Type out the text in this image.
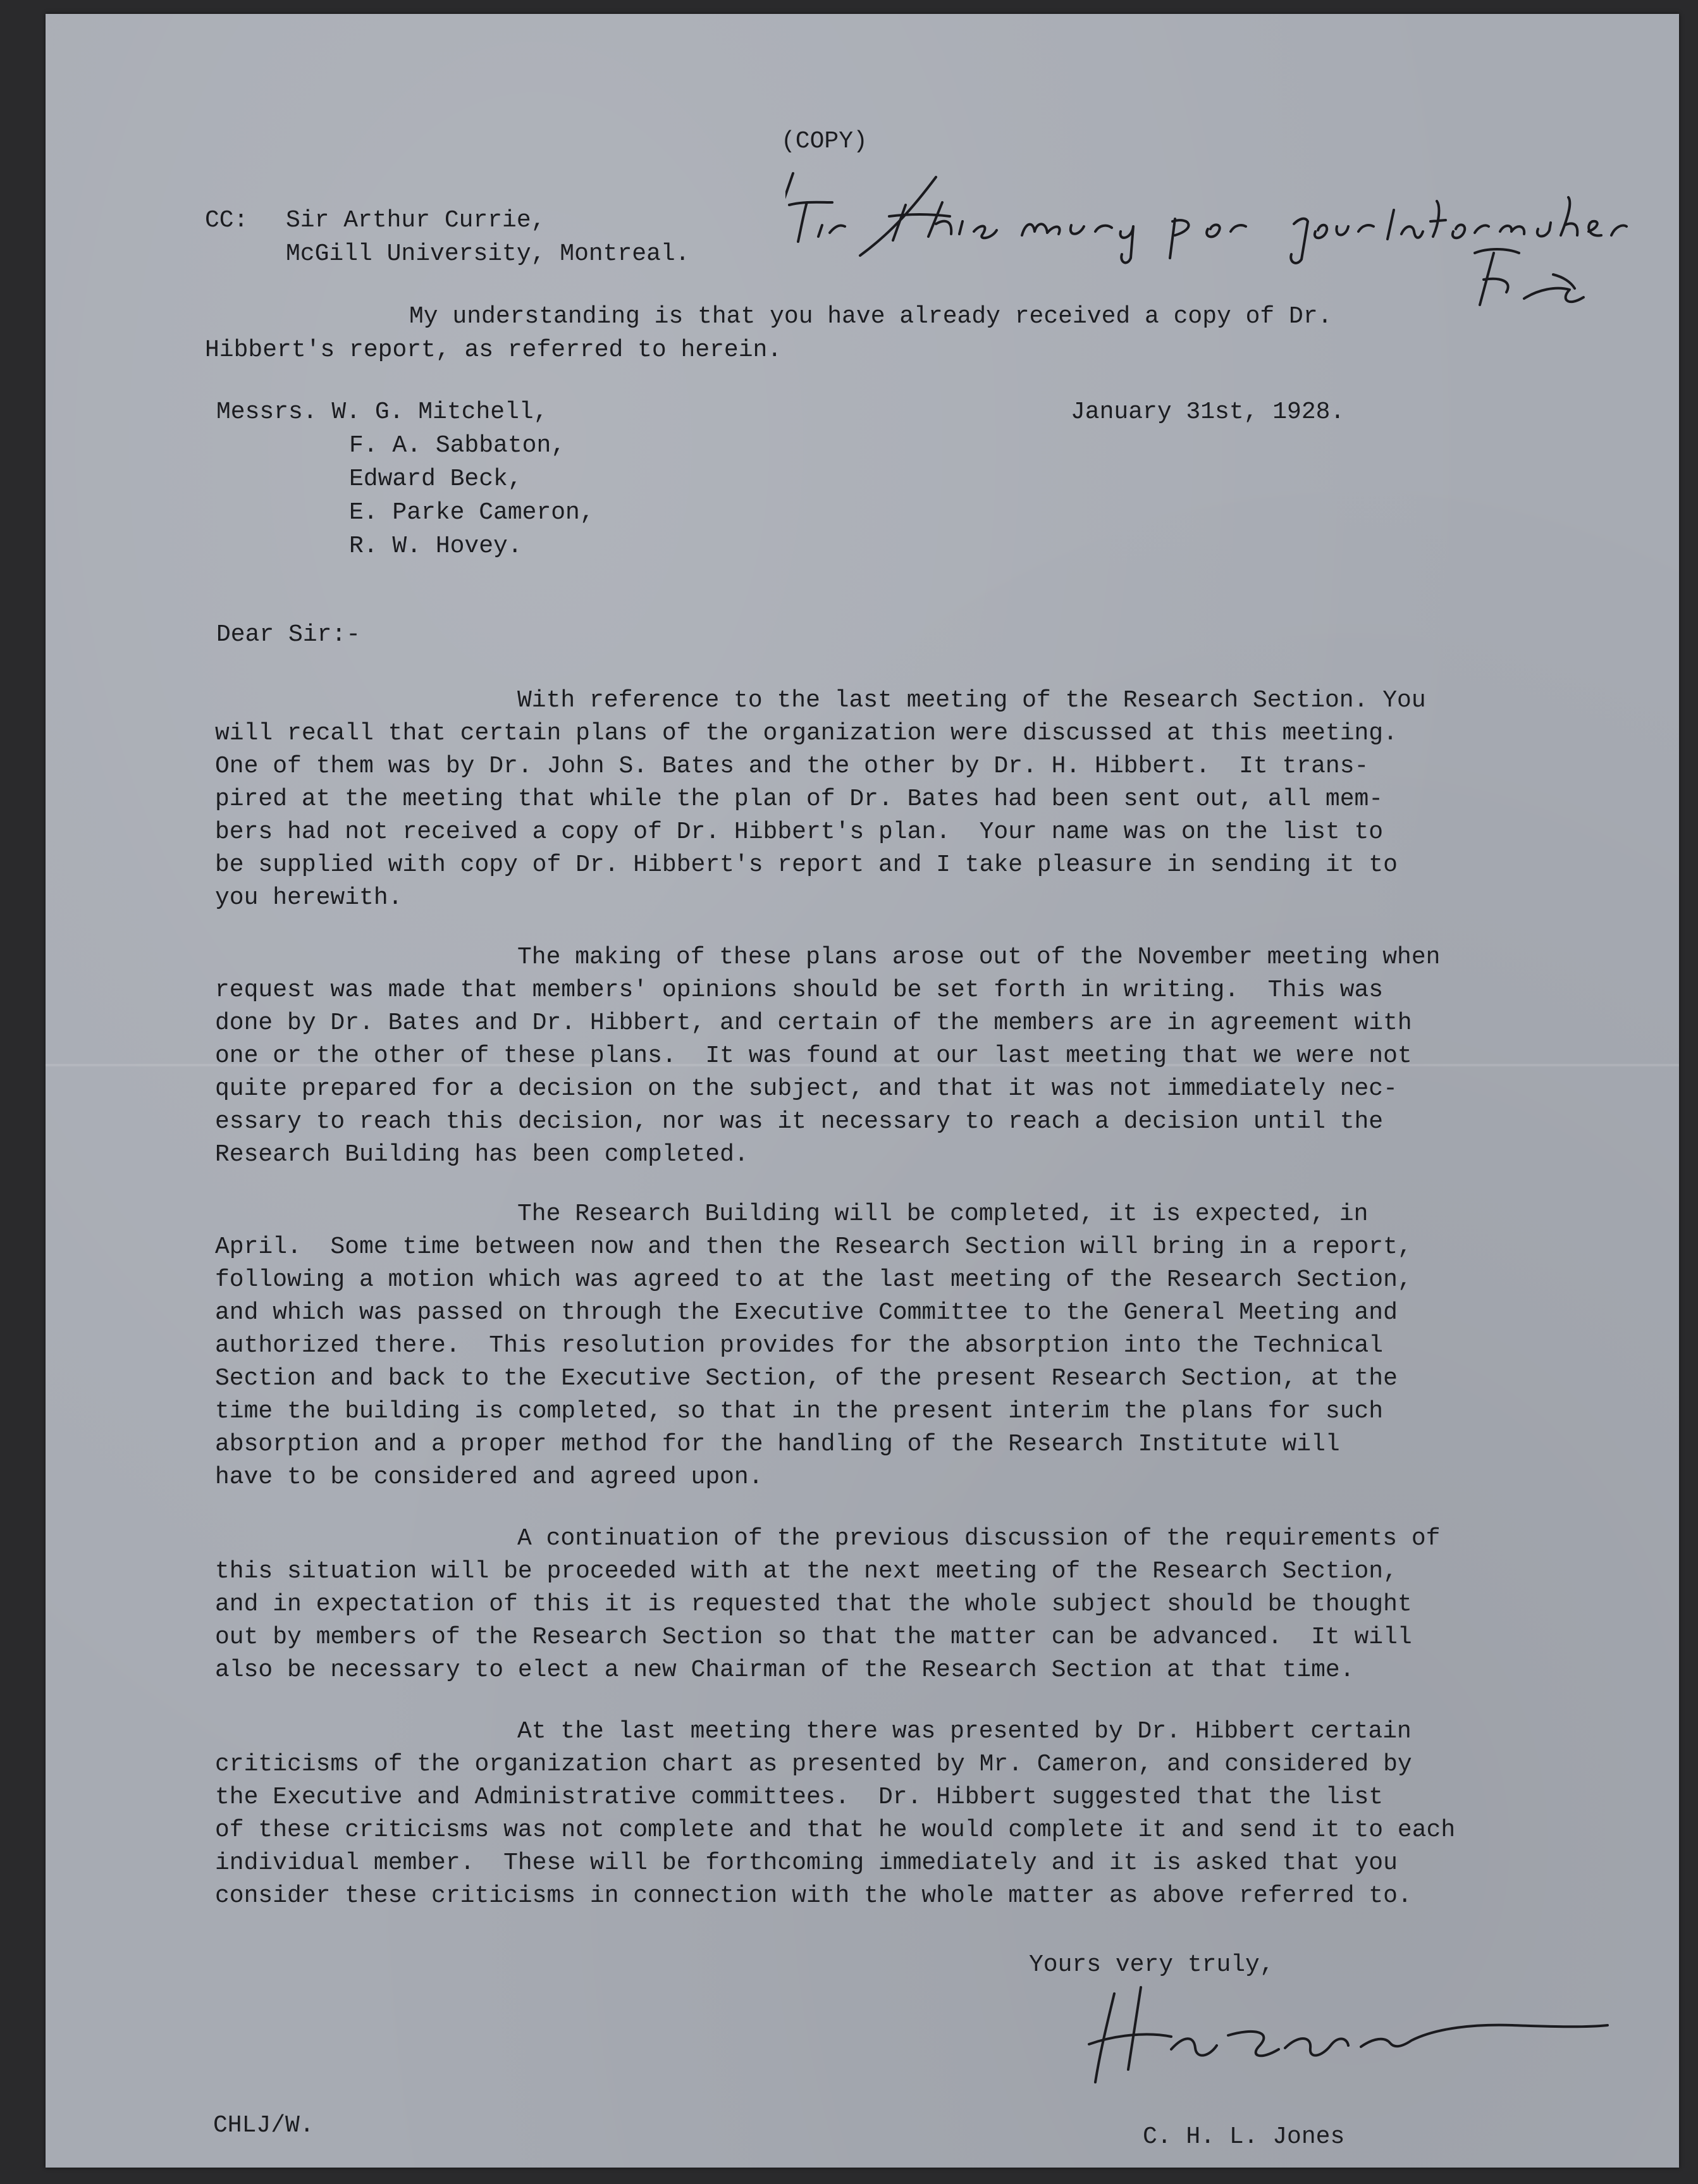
(COPY)
CC: Sir Arthur Currie,
McGill University, Montreal.
My understanding is that you have already received a copy of Dr.
Hibbert's report, as referred to herein.
Messrs. W. G. Mitchell,
F. A. Sabbaton,
Edward Beck,
E. Parke Cameron,
R. W. Hovey.
January 31st, 1928.
Dear Sir:-
With reference to the last meeting of the Research Section. You
will recall that certain plans of the organization were discussed at this meeting.
One of them was by Dr. John S. Bates and the other by Dr. H. Hibbert.  It trans-
pired at the meeting that while the plan of Dr. Bates had been sent out, all mem-
bers had not received a copy of Dr. Hibbert's plan.  Your name was on the list to
be supplied with copy of Dr. Hibbert's report and I take pleasure in sending it to
you herewith.
The making of these plans arose out of the November meeting when
request was made that members' opinions should be set forth in writing.  This was
done by Dr. Bates and Dr. Hibbert, and certain of the members are in agreement with
one or the other of these plans.  It was found at our last meeting that we were not
quite prepared for a decision on the subject, and that it was not immediately nec-
essary to reach this decision, nor was it necessary to reach a decision until the
Research Building has been completed.
The Research Building will be completed, it is expected, in
April.  Some time between now and then the Research Section will bring in a report,
following a motion which was agreed to at the last meeting of the Research Section,
and which was passed on through the Executive Committee to the General Meeting and
authorized there.  This resolution provides for the absorption into the Technical
Section and back to the Executive Section, of the present Research Section, at the
time the building is completed, so that in the present interim the plans for such
absorption and a proper method for the handling of the Research Institute will
have to be considered and agreed upon.
A continuation of the previous discussion of the requirements of
this situation will be proceeded with at the next meeting of the Research Section,
and in expectation of this it is requested that the whole subject should be thought
out by members of the Research Section so that the matter can be advanced.  It will
also be necessary to elect a new Chairman of the Research Section at that time.
At the last meeting there was presented by Dr. Hibbert certain
criticisms of the organization chart as presented by Mr. Cameron, and considered by
the Executive and Administrative committees.  Dr. Hibbert suggested that the list
of these criticisms was not complete and that he would complete it and send it to each
individual member.  These will be forthcoming immediately and it is asked that you
consider these criticisms in connection with the whole matter as above referred to.
Yours very truly,
CHLJ/W.	C. H. L. Jones
